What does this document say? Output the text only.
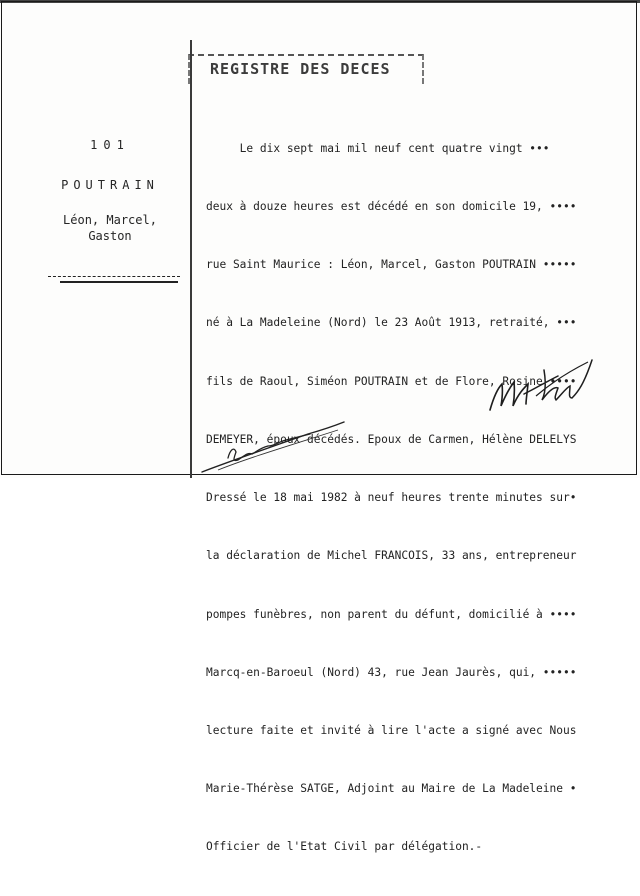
REGISTRE DES DECES
101
POUTRAIN
Léon, Marcel,
Gaston

Le dix sept mai mil neuf cent quatre vingt •••

deux à douze heures est décédé en son domicile 19, ••••

rue Saint Maurice : Léon, Marcel, Gaston POUTRAIN •••••

né à La Madeleine (Nord) le 23 Août 1913, retraité, •••

fils de Raoul, Siméon POUTRAIN et de Flore, Rosine ••••

DEMEYER, époux décédés. Epoux de Carmen, Hélène DELELYS

Dressé le 18 mai 1982 à neuf heures trente minutes sur•

la déclaration de Michel FRANCOIS, 33 ans, entrepreneur

pompes funèbres, non parent du défunt, domicilié à ••••

Marcq-en-Baroeul (Nord) 43, rue Jean Jaurès, qui, •••••

lecture faite et invité à lire l'acte a signé avec Nous

Marie-Thérèse SATGE, Adjoint au Maire de La Madeleine •

Officier de l'Etat Civil par délégation.-
